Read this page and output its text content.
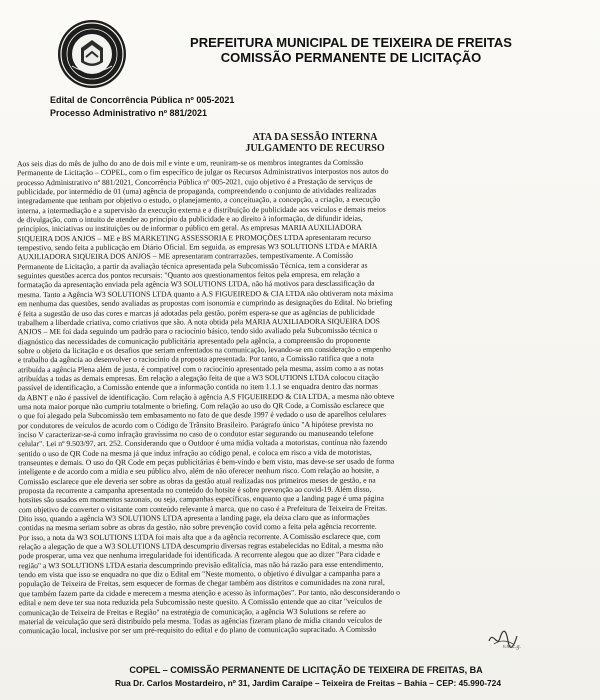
PREFEITURA MUNICIPAL DE TEIXEIRA DE FREITAS
COMISSÃO PERMANENTE DE LICITAÇÃO
Edital de Concorrência Pública nº 005-2021
Processo Administrativo nº 881/2021
ATA DA SESSÃO INTERNA
JULGAMENTO DE RECURSO
Aos seis dias do mês de julho do ano de dois mil e vinte e um, reuniram-se os membros integrantes da Comissão
Permanente de Licitação – COPEL, com o fim específico de julgar os Recursos Administrativos interpostos nos autos do
processo Administrativo nº 881/2021, Concorrência Pública nº 005-2021, cujo objetivo é a Prestação de serviços de
publicidade, por intermédio de 01 (uma) agência de propaganda, compreendendo o conjunto de atividades realizadas
integradamente que tenham por objetivo o estudo, o planejamento, a conceituação, a concepção, a criação, a execução
interna, a intermediação e a supervisão da execução externa e a distribuição de publicidade aos veículos e demais meios
de divulgação, com o intuito de atender ao princípio da publicidade e ao direito à informação, de difundir ideias,
princípios, iniciativas ou instituições ou de informar o público em geral. As empresas MARIA AUXILIADORA
SIQUEIRA DOS ANJOS – ME e BS MARKETING ASSESSORIA E PROMOÇÕES LTDA apresentaram recurso
tempestivo, sendo feita a publicação em Diário Oficial. Em seguida, as empresas W3 SOLUTIONS LTDA e MARIA
AUXILIADORA SIQUEIRA DOS ANJOS – ME apresentaram contrarrazões, tempestivamente. A Comissão
Permanente de Licitação, a partir da avaliação técnica apresentada pela Subcomissão Técnica, tem a considerar as
seguintes questões acerca dos pontos recursais: "Quanto aos questionamentos feitos pela empresa, em relação a
formatação da apresentação enviada pela agência W3 SOLUTIONS LTDA, não há motivos para desclassificação da
mesma. Tanto a Agência W3 SOLUTIONS LTDA quanto a A.S FIGUEIREDO & CIA LTDA não obtiveram nota máxima
em nenhuma das questões, sendo avaliadas as propostas com isonomia e cumprindo as designações do Edital. No briefing
é feita a sugestão de uso das cores e marcas já adotadas pela gestão, porém espera-se que as agências de publicidade
trabalhem a liberdade criativa, como criativos que são. A nota obtida pela MARIA AUXILIADORA SIQUEIRA DOS
ANJOS – ME foi dada seguindo um padrão para o raciocínio básico, tendo sido avaliado pela Subcomissão técnica o
diagnóstico das necessidades de comunicação publicitária apresentado pela agência, a compreensão do proponente
sobre o objeto da licitação e os desafios que seriam enfrentados na comunicação, levando-se em consideração o empenho
e trabalho da agência ao desenvolver o raciocínio da proposta apresentada. Por tanto, a Comissão ratifica que a nota
atribuída a agência Plena além de justa, é compatível com o raciocínio apresentado pela mesma, assim como a as notas
atribuídas a todas as demais empresas. Em relação a alegação feita de que a W3 SOLUTIONS LTDA colocou citação
passível de identificação, a Comissão entende que a informação contida no item 1.1.1 se enquadra dentro das normas
da ABNT e não é passível de identificação. Com relação à agência A.S FIGUEIREDO & CIA LTDA, a mesma não obteve
uma nota maior porque não cumpriu totalmente o briefing. Com relação ao uso do QR Code, a Comissão esclarece que
o que foi alegado pela Subcomissão tem embasamento no fato de que desde 1997 é vedado o uso de aparelhos celulares
por condutores de veículos de acordo com o Código de Trânsito Brasileiro. Parágrafo único "A hipótese prevista no
inciso V caracterizar-se-á como infração gravíssima no caso de o condutor estar segurando ou manuseando telefone
celular". Lei nº 9.503/97, art. 252. Considerando que o Outdoor é uma mídia voltada a motoristas, contínua não fazendo
sentido o uso de QR Code na mesma já que induz infração ao código penal, e coloca em risco a vida de motoristas,
transeuntes e demais. O uso do QR Code em peças publicitárias é bem-vindo e bem visto, mas deve-se ser usado de forma
inteligente e de acordo com a mídia e seu público alvo, além de não oferecer nenhum risco. Com relação ao hotsite, a
Comissão esclarece que ele deveria ser sobre as obras da gestão atual realizadas nos primeiros meses de gestão, e na
proposta da recorrente a campanha apresentada no conteúdo do hotsite é sobre prevenção ao covid-19. Além disso,
hotsites são usados em momentos sazonais, ou seja, campanhas específicas, enquanto que a landing page é uma página
com objetivo de converter o visitante com conteúdo relevante à marca, que no caso é a Prefeitura de Teixeira de Freitas.
Dito isso, quando a agência W3 SOLUTIONS LTDA apresenta a landing page, ela deixa claro que as informações
contidas na mesma seriam sobre as obras da gestão, não sobre prevenção covid como a feita pela agência recorrente.
Por isso, a nota da W3 SOLUTIONS LTDA foi mais alta que a da agência recorrente. A Comissão esclarece que, com
relação a alegação de que a W3 SOLUTIONS LTDA descumpriu diversas regras estabelecidas no Edital, a mesma não
pode prosperar, uma vez que nenhuma irregularidade foi identificada. A recorrente alegou que ao dizer "Para cidade e
região" a W3 SOLUTIONS LTDA estaria descumprindo previsão editalícia, mas não há razão para esse entendimento,
tendo em vista que isso se enquadra no que diz o Edital em "Neste momento, o objetivo é divulgar a campanha para a
população de Teixeira de Freitas, sem esquecer de formas de chegar também aos distritos e comunidades na zona rural,
que também fazem parte da cidade e merecem a mesma atenção e acesso às informações". Por tanto, não desconsiderando o
edital e nem deve ter sua nota reduzida pela Subcomissão neste quesito. A Comissão entende que ao citar "veículos de
comunicação de Teixeira de Freitas e Região" na estratégia de comunicação, a agência W3 Solutions se refere ao
material de veiculação que será distribuído pela mesma. Todas as agências fizeram plano de mídia citando veículos de
comunicação local, inclusive por ser um pré-requisito do edital e do plano de comunicação supracitado. A Comissão
v.m.c.g.
COPEL – COMISSÃO PERMANENTE DE LICITAÇÃO DE TEIXEIRA DE FREITAS, BA
Rua Dr. Carlos Mostardeiro, nº 31, Jardim Caraípe – Teixeira de Freitas – Bahia – CEP: 45.990-724
